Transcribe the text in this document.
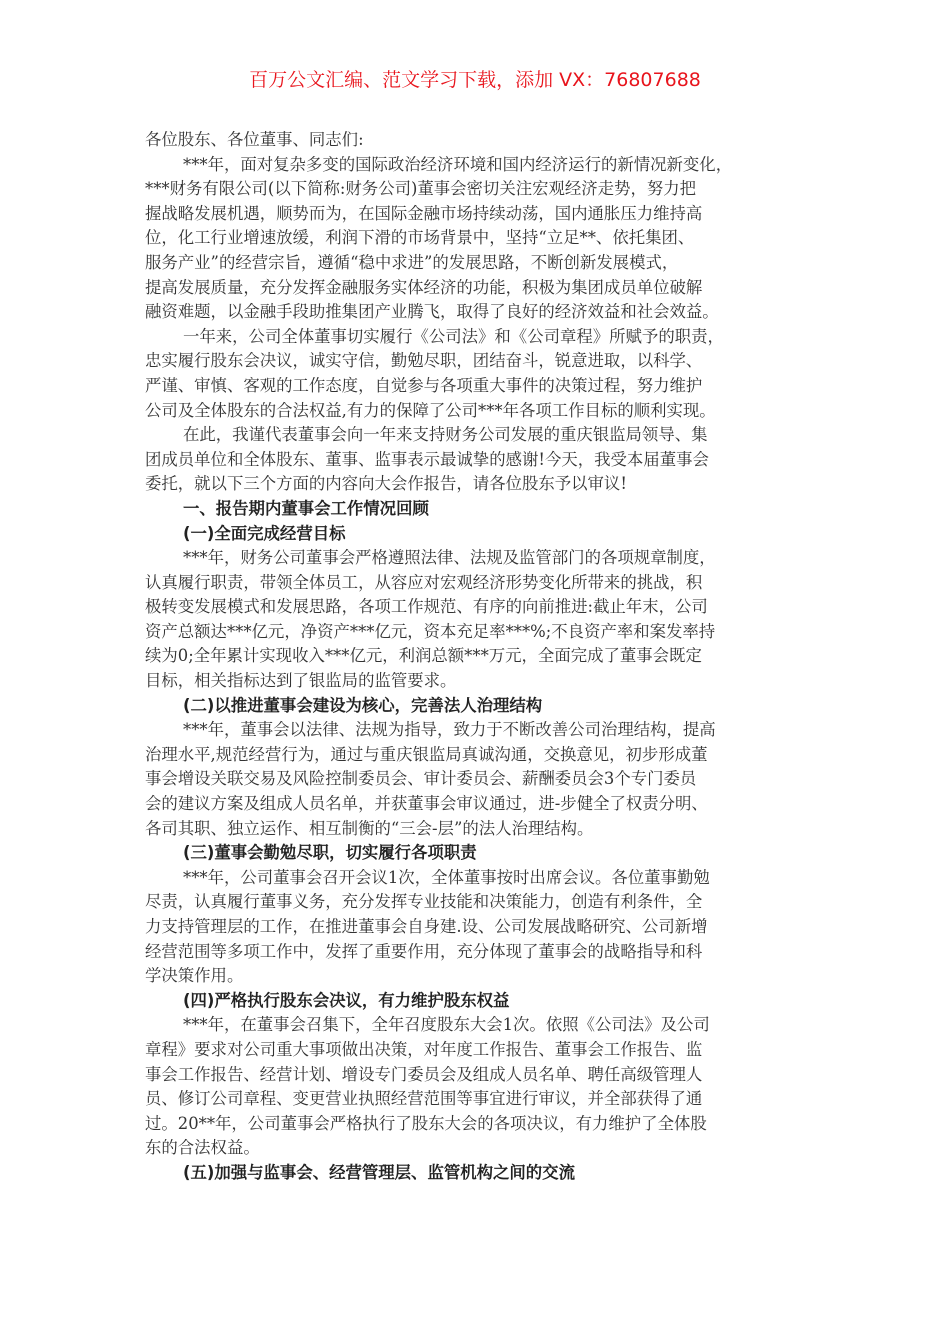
百万公文汇编、范文学习下载，添加 VX：76807688
各位股东、各位董事、同志们:
***年，面对复杂多变的国际政治经济环境和国内经济运行的新情况新变化，
***财务有限公司(以下简称:财务公司)董事会密切关注宏观经济走势，努力把
握战略发展机遇，顺势而为，在国际金融市场持续动荡，国内通胀压力维持高
位，化工行业增速放缓，利润下滑的市场背景中，坚持“立足**、依托集团、
服务产业”的经营宗旨，遵循“稳中求进”的发展思路，不断创新发展模式，
提高发展质量，充分发挥金融服务实体经济的功能，积极为集团成员单位破解
融资难题，以金融手段助推集团产业腾飞，取得了良好的经济效益和社会效益。
一年来，公司全体董事切实履行《公司法》和《公司章程》所赋予的职责，
忠实履行股东会决议，诚实守信，勤勉尽职，团结奋斗，锐意进取，以科学、
严谨、审慎、客观的工作态度，自觉参与各项重大事件的决策过程，努力维护
公司及全体股东的合法权益,有力的保障了公司***年各项工作目标的顺利实现。
在此，我谨代表董事会向一年来支持财务公司发展的重庆银监局领导、集
团成员单位和全体股东、董事、监事表示最诚挚的感谢!今天，我受本届董事会
委托，就以下三个方面的内容向大会作报告，请各位股东予以审议!
一、报告期内董事会工作情况回顾
(一)全面完成经营目标
***年，财务公司董事会严格遵照法律、法规及监管部门的各项规章制度，
认真履行职责，带领全体员工，从容应对宏观经济形势变化所带来的挑战，积
极转变发展模式和发展思路，各项工作规范、有序的向前推进:截止年末，公司
资产总额达***亿元，净资产***亿元，资本充足率***%;不良资产率和案发率持
续为0;全年累计实现收入***亿元，利润总额***万元，全面完成了董事会既定
目标，相关指标达到了银监局的监管要求。
(二)以推进董事会建设为核心，完善法人治理结构
***年，董事会以法律、法规为指导，致力于不断改善公司治理结构，提高
治理水平,规范经营行为，通过与重庆银监局真诚沟通，交换意见，初步形成董
事会增设关联交易及风险控制委员会、审计委员会、薪酬委员会3个专门委员
会的建议方案及组成人员名单，并获董事会审议通过，进-步健全了权责分明、
各司其职、独立运作、相互制衡的“三会-层”的法人治理结构。
(三)董事会勤勉尽职，切实履行各项职责
***年，公司董事会召开会议1次，全体董事按时出席会议。各位董事勤勉
尽责，认真履行董事义务，充分发挥专业技能和决策能力，创造有利条件，全
力支持管理层的工作，在推进董事会自身建.设、公司发展战略研究、公司新增
经营范围等多项工作中，发挥了重要作用，充分体现了董事会的战略指导和科
学决策作用。
(四)严格执行股东会决议，有力维护股东权益
***年，在董事会召集下，全年召度股东大会1次。依照《公司法》及公司
章程》要求对公司重大事项做出决策，对年度工作报告、董事会工作报告、监
事会工作报告、经营计划、增设专门委员会及组成人员名单、聘任高级管理人
员、修订公司章程、变更营业执照经营范围等事宜进行审议，并全部获得了通
过。20**年，公司董事会严格执行了股东大会的各项决议，有力维护了全体股
东的合法权益。
(五)加强与监事会、经营管理层、监管机构之间的交流
